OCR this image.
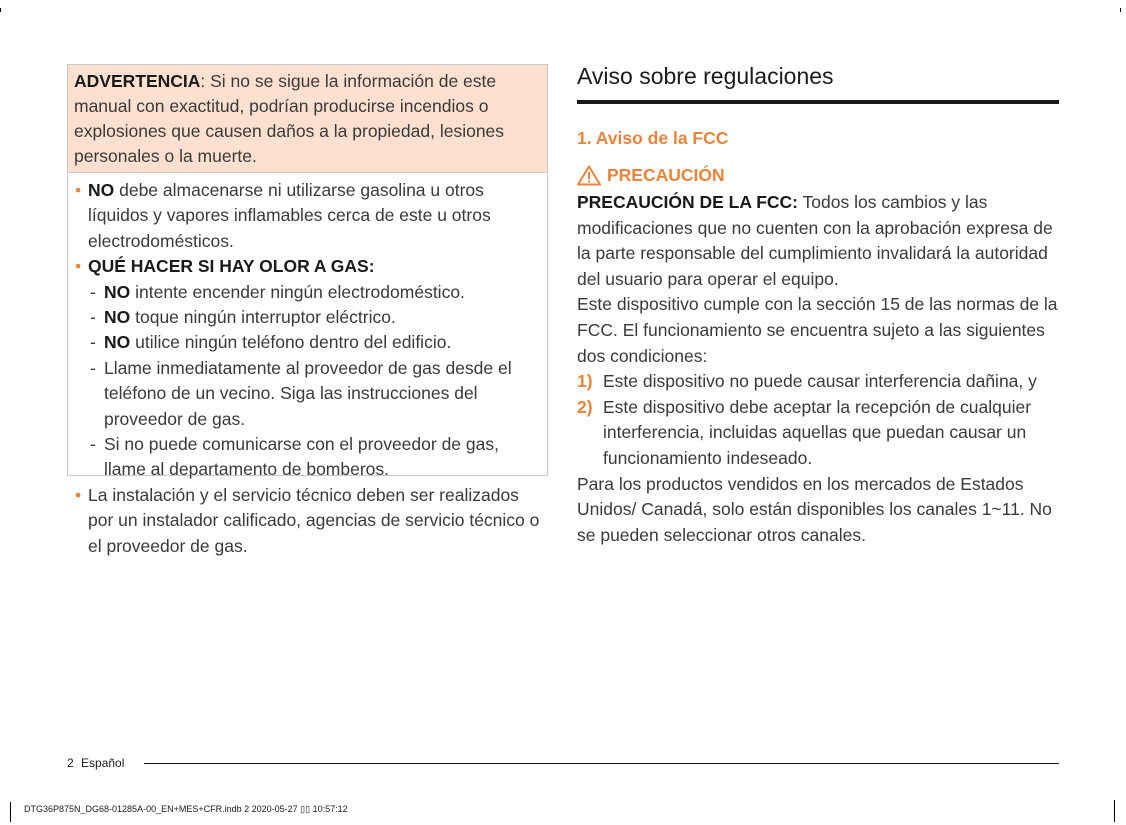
ADVERTENCIA: Si no se sigue la información de este manual con exactitud, podrían producirse incendios o explosiones que causen daños a la propiedad, lesiones personales o la muerte.
• NO debe almacenarse ni utilizarse gasolina u otros líquidos y vapores inflamables cerca de este u otros electrodomésticos.
• QUÉ HACER SI HAY OLOR A GAS:
- NO intente encender ningún electrodoméstico.
- NO toque ningún interruptor eléctrico.
- NO utilice ningún teléfono dentro del edificio.
- Llame inmediatamente al proveedor de gas desde el teléfono de un vecino. Siga las instrucciones del proveedor de gas.
- Si no puede comunicarse con el proveedor de gas, llame al departamento de bomberos.
• La instalación y el servicio técnico deben ser realizados por un instalador calificado, agencias de servicio técnico o el proveedor de gas.
Aviso sobre regulaciones
1. Aviso de la FCC
PRECAUCIÓN
PRECAUCIÓN DE LA FCC: Todos los cambios y las modificaciones que no cuenten con la aprobación expresa de la parte responsable del cumplimiento invalidará la autoridad del usuario para operar el equipo.
Este dispositivo cumple con la sección 15 de las normas de la FCC. El funcionamiento se encuentra sujeto a las siguientes dos condiciones:
1) Este dispositivo no puede causar interferencia dañina, y
2) Este dispositivo debe aceptar la recepción de cualquier interferencia, incluidas aquellas que puedan causar un funcionamiento indeseado.
Para los productos vendidos en los mercados de Estados Unidos/ Canadá, solo están disponibles los canales 1~11. No se pueden seleccionar otros canales.
2
Español
DTG36P875N_DG68-01285A-00_EN+MES+CFR.indb 2 2020-05-27 ▯▯ 10:57:12
